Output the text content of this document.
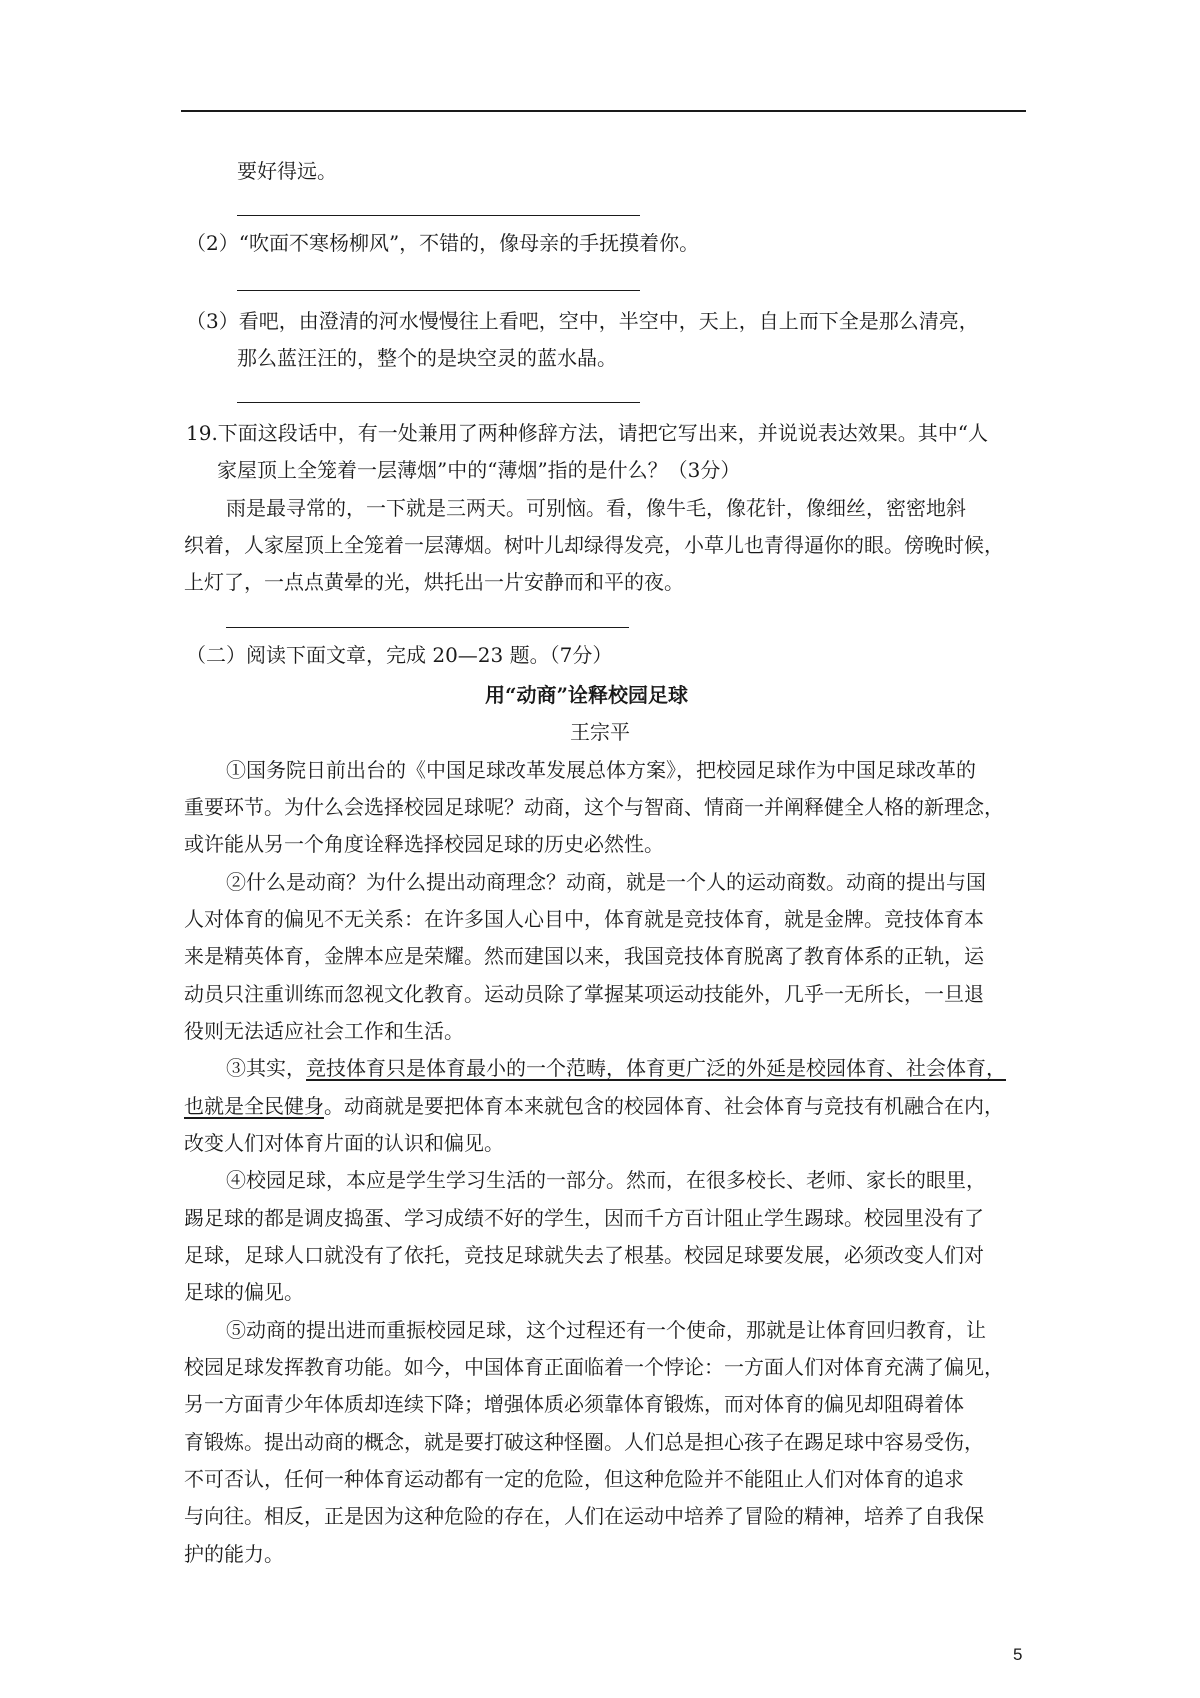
要好得远。
（2）“吹面不寒杨柳风”，不错的，像母亲的手抚摸着你。
（3）看吧，由澄清的河水慢慢往上看吧，空中，半空中，天上，自上而下全是那么清亮，
那么蓝汪汪的，整个的是块空灵的蓝水晶。
19.下面这段话中，有一处兼用了两种修辞方法，请把它写出来，并说说表达效果。其中“人
家屋顶上全笼着一层薄烟”中的“薄烟”指的是什么？（3分）
雨是最寻常的，一下就是三两天。可别恼。看，像牛毛，像花针，像细丝，密密地斜
织着，人家屋顶上全笼着一层薄烟。树叶儿却绿得发亮，小草儿也青得逼你的眼。傍晚时候，
上灯了，一点点黄晕的光，烘托出一片安静而和平的夜。
（二）阅读下面文章，完成 20—23 题。（7分）
用“动商”诠释校园足球
王宗平
①国务院日前出台的《中国足球改革发展总体方案》，把校园足球作为中国足球改革的
重要环节。为什么会选择校园足球呢？动商，这个与智商、情商一并阐释健全人格的新理念，
或许能从另一个角度诠释选择校园足球的历史必然性。
②什么是动商？为什么提出动商理念？动商，就是一个人的运动商数。动商的提出与国
人对体育的偏见不无关系：在许多国人心目中，体育就是竞技体育，就是金牌。竞技体育本
来是精英体育，金牌本应是荣耀。然而建国以来，我国竞技体育脱离了教育体系的正轨，运
动员只注重训练而忽视文化教育。运动员除了掌握某项运动技能外，几乎一无所长，一旦退
役则无法适应社会工作和生活。
③其实，竞技体育只是体育最小的一个范畴，体育更广泛的外延是校园体育、社会体育，
也就是全民健身。动商就是要把体育本来就包含的校园体育、社会体育与竞技有机融合在内，
改变人们对体育片面的认识和偏见。
④校园足球，本应是学生学习生活的一部分。然而，在很多校长、老师、家长的眼里，
踢足球的都是调皮捣蛋、学习成绩不好的学生，因而千方百计阻止学生踢球。校园里没有了
足球，足球人口就没有了依托，竞技足球就失去了根基。校园足球要发展，必须改变人们对
足球的偏见。
⑤动商的提出进而重振校园足球，这个过程还有一个使命，那就是让体育回归教育，让
校园足球发挥教育功能。如今，中国体育正面临着一个悖论：一方面人们对体育充满了偏见，
另一方面青少年体质却连续下降；增强体质必须靠体育锻炼，而对体育的偏见却阻碍着体
育锻炼。提出动商的概念，就是要打破这种怪圈。人们总是担心孩子在踢足球中容易受伤，
不可否认，任何一种体育运动都有一定的危险，但这种危险并不能阻止人们对体育的追求
与向往。相反，正是因为这种危险的存在，人们在运动中培养了冒险的精神，培养了自我保
护的能力。
5
